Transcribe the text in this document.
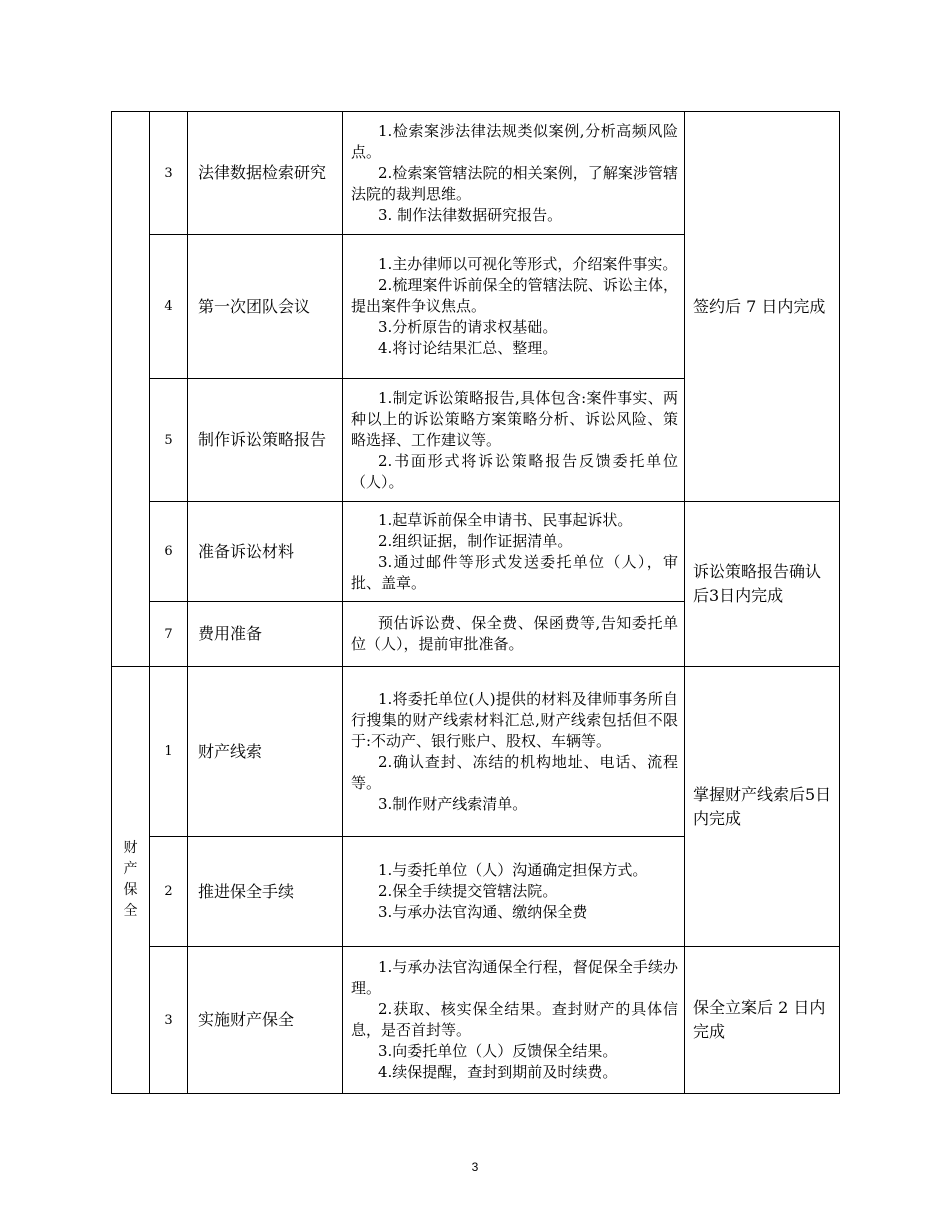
	3	法律数据检索研究	1.检索案涉法律法规类似案例,分析高频风险点。
2.检索案管辖法院的相关案例，了解案涉管辖法院的裁判思维。
3. 制作法律数据研究报告。	签约后 7 日内完成
	4	第一次团队会议	1.主办律师以可视化等形式，介绍案件事实。
2.梳理案件诉前保全的管辖法院、诉讼主体，提出案件争议焦点。
3.分析原告的请求权基础。
4.将讨论结果汇总、整理。	

	5	制作诉讼策略报告	1.制定诉讼策略报告,具体包含:案件事实、两种以上的诉讼策略方案策略分析、诉讼风险、策略选择、工作建议等。
2.书面形式将诉讼策略报告反馈委托单位（人）。	

	6	准备诉讼材料	1.起草诉前保全申请书、民事起诉状。
2.组织证据，制作证据清单。
3.通过邮件等形式发送委托单位（人），审批、盖章。	诉讼策略报告确认后3日内完成
	7	费用准备	预估诉讼费、保全费、保函费等,告知委托单位（人），提前审批准备。	

财产保全	1	财产线索	1.将委托单位(人)提供的材料及律师事务所自行搜集的财产线索材料汇总,财产线索包括但不限于:不动产、银行账户、股权、车辆等。
2.确认查封、冻结的机构地址、电话、流程等。
3.制作财产线索清单。	掌握财产线索后5日内完成
	2	推进保全手续	1.与委托单位（人）沟通确定担保方式。
2.保全手续提交管辖法院。
3.与承办法官沟通、缴纳保全费	

	3	实施财产保全	1.与承办法官沟通保全行程，督促保全手续办理。
2.获取、核实保全结果。查封财产的具体信息，是否首封等。
3.向委托单位（人）反馈保全结果。
4.续保提醒，查封到期前及时续费。	保全立案后 2 日内完成
3
